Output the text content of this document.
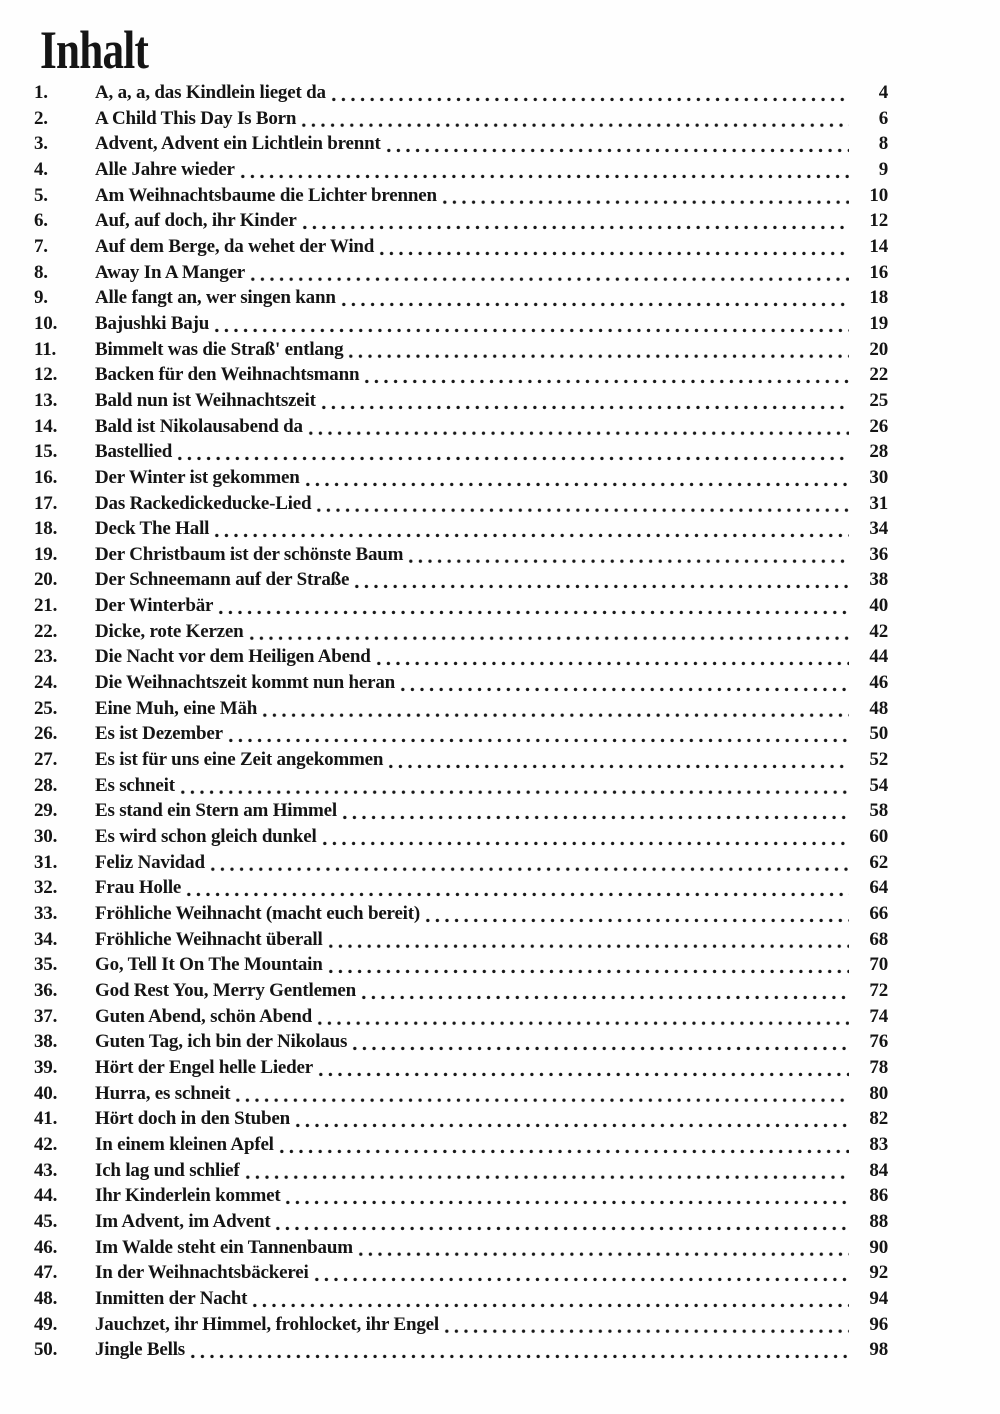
Inhalt
1.	A, a, a, das Kindlein lieget da	4
2.	A Child This Day Is Born	6
3.	Advent, Advent ein Lichtlein brennt	8
4.	Alle Jahre wieder	9
5.	Am Weihnachtsbaume die Lichter brennen	10
6.	Auf, auf doch, ihr Kinder	12
7.	Auf dem Berge, da wehet der Wind	14
8.	Away In A Manger	16
9.	Alle fangt an, wer singen kann	18
10.	Bajushki Baju	19
11.	Bimmelt was die Straß' entlang	20
12.	Backen für den Weihnachtsmann	22
13.	Bald nun ist Weihnachtszeit	25
14.	Bald ist Nikolausabend da	26
15.	Bastellied	28
16.	Der Winter ist gekommen	30
17.	Das Rackedickeducke-Lied	31
18.	Deck The Hall	34
19.	Der Christbaum ist der schönste Baum	36
20.	Der Schneemann auf der Straße	38
21.	Der Winterbär	40
22.	Dicke, rote Kerzen	42
23.	Die Nacht vor dem Heiligen Abend	44
24.	Die Weihnachtszeit kommt nun heran	46
25.	Eine Muh, eine Mäh	48
26.	Es ist Dezember	50
27.	Es ist für uns eine Zeit angekommen	52
28.	Es schneit	54
29.	Es stand ein Stern am Himmel	58
30.	Es wird schon gleich dunkel	60
31.	Feliz Navidad	62
32.	Frau Holle	64
33.	Fröhliche Weihnacht (macht euch bereit)	66
34.	Fröhliche Weihnacht überall	68
35.	Go, Tell It On The Mountain	70
36.	God Rest You, Merry Gentlemen	72
37.	Guten Abend, schön Abend	74
38.	Guten Tag, ich bin der Nikolaus	76
39.	Hört der Engel helle Lieder	78
40.	Hurra, es schneit	80
41.	Hört doch in den Stuben	82
42.	In einem kleinen Apfel	83
43.	Ich lag und schlief	84
44.	Ihr Kinderlein kommet	86
45.	Im Advent, im Advent	88
46.	Im Walde steht ein Tannenbaum	90
47.	In der Weihnachtsbäckerei	92
48.	Inmitten der Nacht	94
49.	Jauchzet, ihr Himmel, frohlocket, ihr Engel	96
50.	Jingle Bells	98
